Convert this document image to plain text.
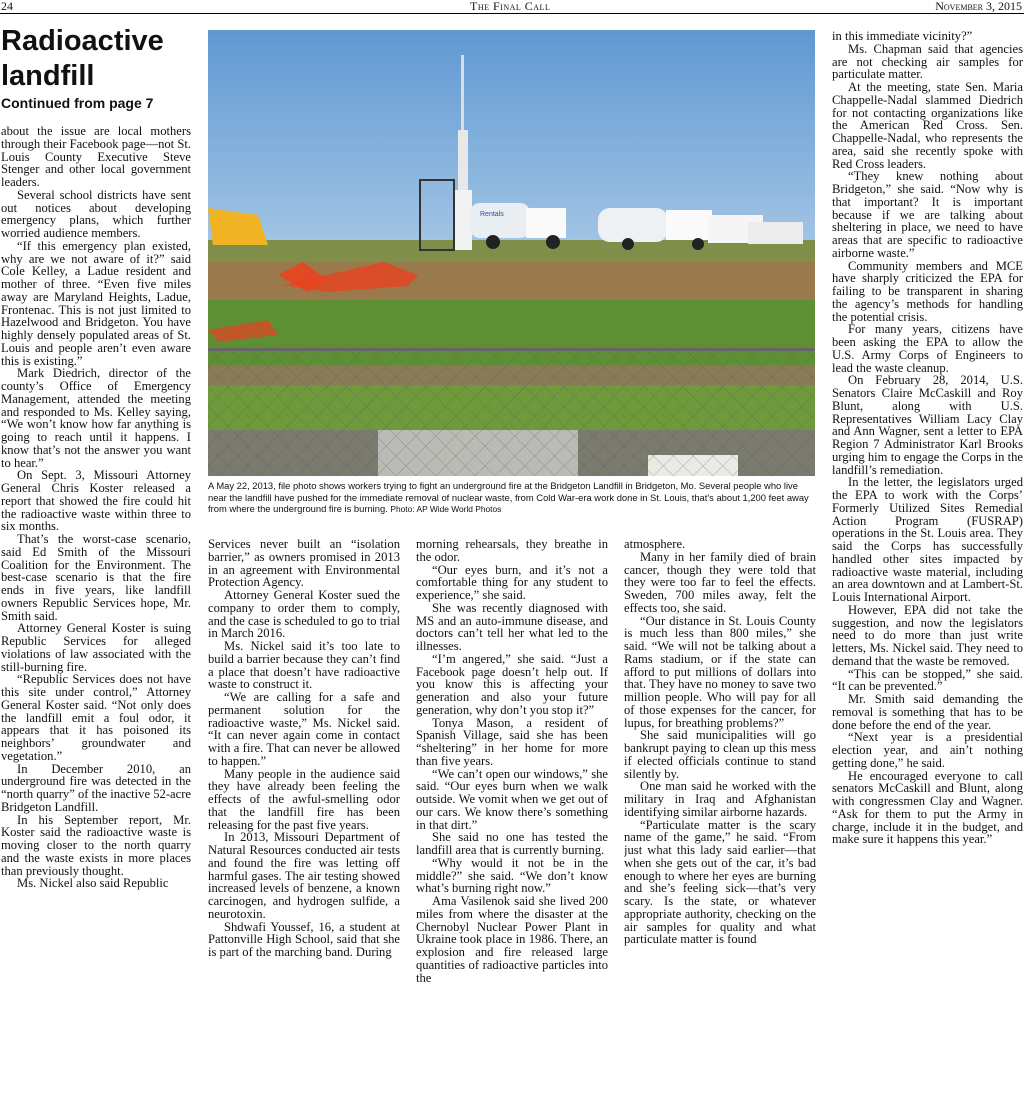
24	The Final Call	November 3, 2015
Radioactive
landfill

Continued from page 7

Rentals

A May 22, 2013, file photo shows workers trying to fight an underground fire at the Bridgeton Landfill in Bridgeton, Mo. Several people who live near the landfill have pushed for the immediate removal of nuclear waste, from Cold War-era work done in St. Louis, that's about 1,200 feet away from where the underground fire is burning. Photo: AP Wide World Photos

about the issue are local mothers through their Facebook page—not St. Louis County Executive Steve Stenger and other local government leaders.

Several school districts have sent out notices about developing emergency plans, which further worried audience members.

“If this emergency plan existed, why are we not aware of it?” said Cole Kelley, a Ladue resident and mother of three. “Even five miles away are Maryland Heights, Ladue, Frontenac. This is not just limited to Hazelwood and Bridgeton. You have highly densely populated areas of St. Louis and people aren’t even aware this is existing.”

Mark Diedrich, director of the county’s Office of Emergency Management, attended the meeting and responded to Ms. Kelley saying, “We won’t know how far anything is going to reach until it happens. I know that’s not the answer you want to hear.”

On Sept. 3, Missouri Attorney General Chris Koster released a report that showed the fire could hit the radioactive waste within three to six months.

That’s the worst-case scenario, said Ed Smith of the Missouri Coalition for the Environment. The best-case scenario is that the fire ends in five years, like landfill owners Republic Services hope, Mr. Smith said.

Attorney General Koster is suing Republic Services for alleged violations of law associated with the still-burning fire.

“Republic Services does not have this site under control,” Attorney General Koster said. “Not only does the landfill emit a foul odor, it appears that it has poisoned its neighbors’ groundwater and vegetation.”

In December 2010, an underground fire was detected in the “north quarry” of the inactive 52-acre Bridgeton Landfill.

In his September report, Mr. Koster said the radioactive waste is moving closer to the north quarry and the waste exists in more places than previously thought.

Ms. Nickel also said Republic

Services never built an “isolation barrier,” as owners promised in 2013 in an agreement with Environmental Protection Agency.

Attorney General Koster sued the company to order them to comply, and the case is scheduled to go to trial in March 2016.

Ms. Nickel said it’s too late to build a barrier because they can’t find a place that doesn’t have radioactive waste to construct it.

“We are calling for a safe and permanent solution for the radioactive waste,” Ms. Nickel said. “It can never again come in contact with a fire. That can never be allowed to happen.”

Many people in the audience said they have already been feeling the effects of the awful-smelling odor that the landfill fire has been releasing for the past five years.

In 2013, Missouri Department of Natural Resources conducted air tests and found the fire was letting off harmful gases. The air testing showed increased levels of benzene, a known carcinogen, and hydrogen sulfide, a neurotoxin.

Shdwafi Youssef, 16, a student at Pattonville High School, said that she is part of the marching band. During

morning rehearsals, they breathe in the odor.

“Our eyes burn, and it’s not a comfortable thing for any student to experience,” she said.

She was recently diagnosed with MS and an auto-immune disease, and doctors can’t tell her what led to the illnesses.

“I’m angered,” she said. “Just a Facebook page doesn’t help out. If you know this is affecting your generation and also your future generation, why don’t you stop it?”

Tonya Mason, a resident of Spanish Village, said she has been “sheltering” in her home for more than five years.

“We can’t open our windows,” she said. “Our eyes burn when we walk outside. We vomit when we get out of our cars. We know there’s something in that dirt.”

She said no one has tested the landfill area that is currently burning.

“Why would it not be in the middle?” she said. “We don’t know what’s burning right now.”

Ama Vasilenok said she lived 200 miles from where the disaster at the Chernobyl Nuclear Power Plant in Ukraine took place in 1986. There, an explosion and fire released large quantities of radioactive particles into the

atmosphere.

Many in her family died of brain cancer, though they were told that they were too far to feel the effects. Sweden, 700 miles away, felt the effects too, she said.

“Our distance in St. Louis County is much less than 800 miles,” she said. “We will not be talking about a Rams stadium, or if the state can afford to put millions of dollars into that. They have no money to save two million people. Who will pay for all of those expenses for the cancer, for lupus, for breathing problems?”

She said municipalities will go bankrupt paying to clean up this mess if elected officials continue to stand silently by.

One man said he worked with the military in Iraq and Afghanistan identifying similar airborne hazards.

“Particulate matter is the scary name of the game,” he said. “From just what this lady said earlier—that when she gets out of the car, it’s bad enough to where her eyes are burning and she’s feeling sick—that’s very scary. Is the state, or whatever appropriate authority, checking on the air samples for quality and what particulate matter is found

in this immediate vicinity?”

Ms. Chapman said that agencies are not checking air samples for particulate matter.

At the meeting, state Sen. Maria Chappelle-Nadal slammed Diedrich for not contacting organizations like the American Red Cross. Sen. Chappelle-Nadal, who represents the area, said she recently spoke with Red Cross leaders.

“They knew nothing about Bridgeton,” she said. “Now why is that important? It is important because if we are talking about sheltering in place, we need to have areas that are specific to radioactive airborne waste.”

Community members and MCE have sharply criticized the EPA for failing to be transparent in sharing the agency’s methods for handling the potential crisis.

For many years, citizens have been asking the EPA to allow the U.S. Army Corps of Engineers to lead the waste cleanup.

On February 28, 2014, U.S. Senators Claire McCaskill and Roy Blunt, along with U.S. Representatives William Lacy Clay and Ann Wagner, sent a letter to EPA Region 7 Administrator Karl Brooks urging him to engage the Corps in the landfill’s remediation.

In the letter, the legislators urged the EPA to work with the Corps’ Formerly Utilized Sites Remedial Action Program (FUSRAP) operations in the St. Louis area. They said the Corps has successfully handled other sites impacted by radioactive waste material, including an area downtown and at Lambert-St. Louis International Airport.

However, EPA did not take the suggestion, and now the legislators need to do more than just write letters, Ms. Nickel said. They need to demand that the waste be removed.

“This can be stopped,” she said. “It can be prevented.”

Mr. Smith said demanding the removal is something that has to be done before the end of the year.

“Next year is a presidential election year, and ain’t nothing getting done,” he said.

He encouraged everyone to call senators McCaskill and Blunt, along with congressmen Clay and Wagner. “Ask for them to put the Army in charge, include it in the budget, and make sure it happens this year.”
